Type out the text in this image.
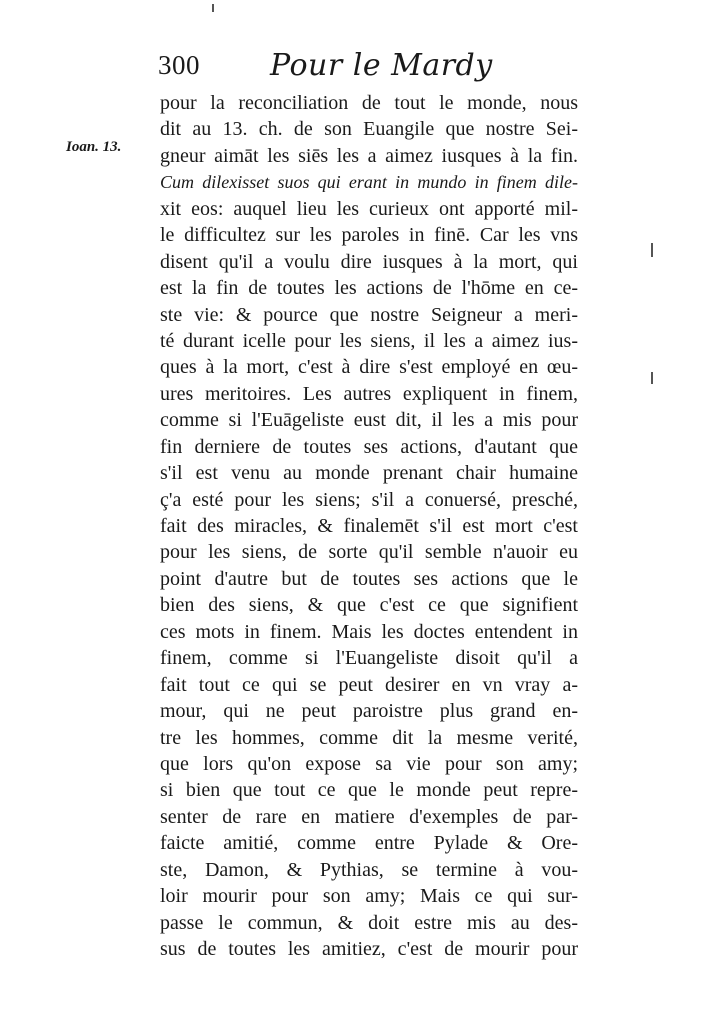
300 Pour le Mardy
Ioan. 13.
pour la reconciliation de tout le monde, nous
dit au 13. ch. de son Euangile que nostre Sei-
gneur aimāt les siēs les a aimez iusques à la fin.
Cum dilexisset suos qui erant in mundo in finem dile-
xit eos: auquel lieu les curieux ont apporté mil-
le difficultez sur les paroles in finē. Car les vns
disent qu'il a voulu dire iusques à la mort, qui
est la fin de toutes les actions de l'hōme en ce-
ste vie: & pource que nostre Seigneur a meri-
té durant icelle pour les siens, il les a aimez ius-
ques à la mort, c'est à dire s'est employé en œu-
ures meritoires. Les autres expliquent in finem,
comme si l'Euāgeliste eust dit, il les a mis pour
fin derniere de toutes ses actions, d'autant que
s'il est venu au monde prenant chair humaine
ç'a esté pour les siens; s'il a conuersé, presché,
fait des miracles, & finalemēt s'il est mort c'est
pour les siens, de sorte qu'il semble n'auoir eu
point d'autre but de toutes ses actions que le
bien des siens, & que c'est ce que signifient
ces mots in finem. Mais les doctes entendent in
finem, comme si l'Euangeliste disoit qu'il a
fait tout ce qui se peut desirer en vn vray a-
mour, qui ne peut paroistre plus grand en-
tre les hommes, comme dit la mesme verité,
que lors qu'on expose sa vie pour son amy;
si bien que tout ce que le monde peut repre-
senter de rare en matiere d'exemples de par-
faicte amitié, comme entre Pylade & Ore-
ste, Damon, & Pythias, se termine à vou-
loir mourir pour son amy; Mais ce qui sur-
passe le commun, & doit estre mis au des-
sus de toutes les amitiez, c'est de mourir pour
